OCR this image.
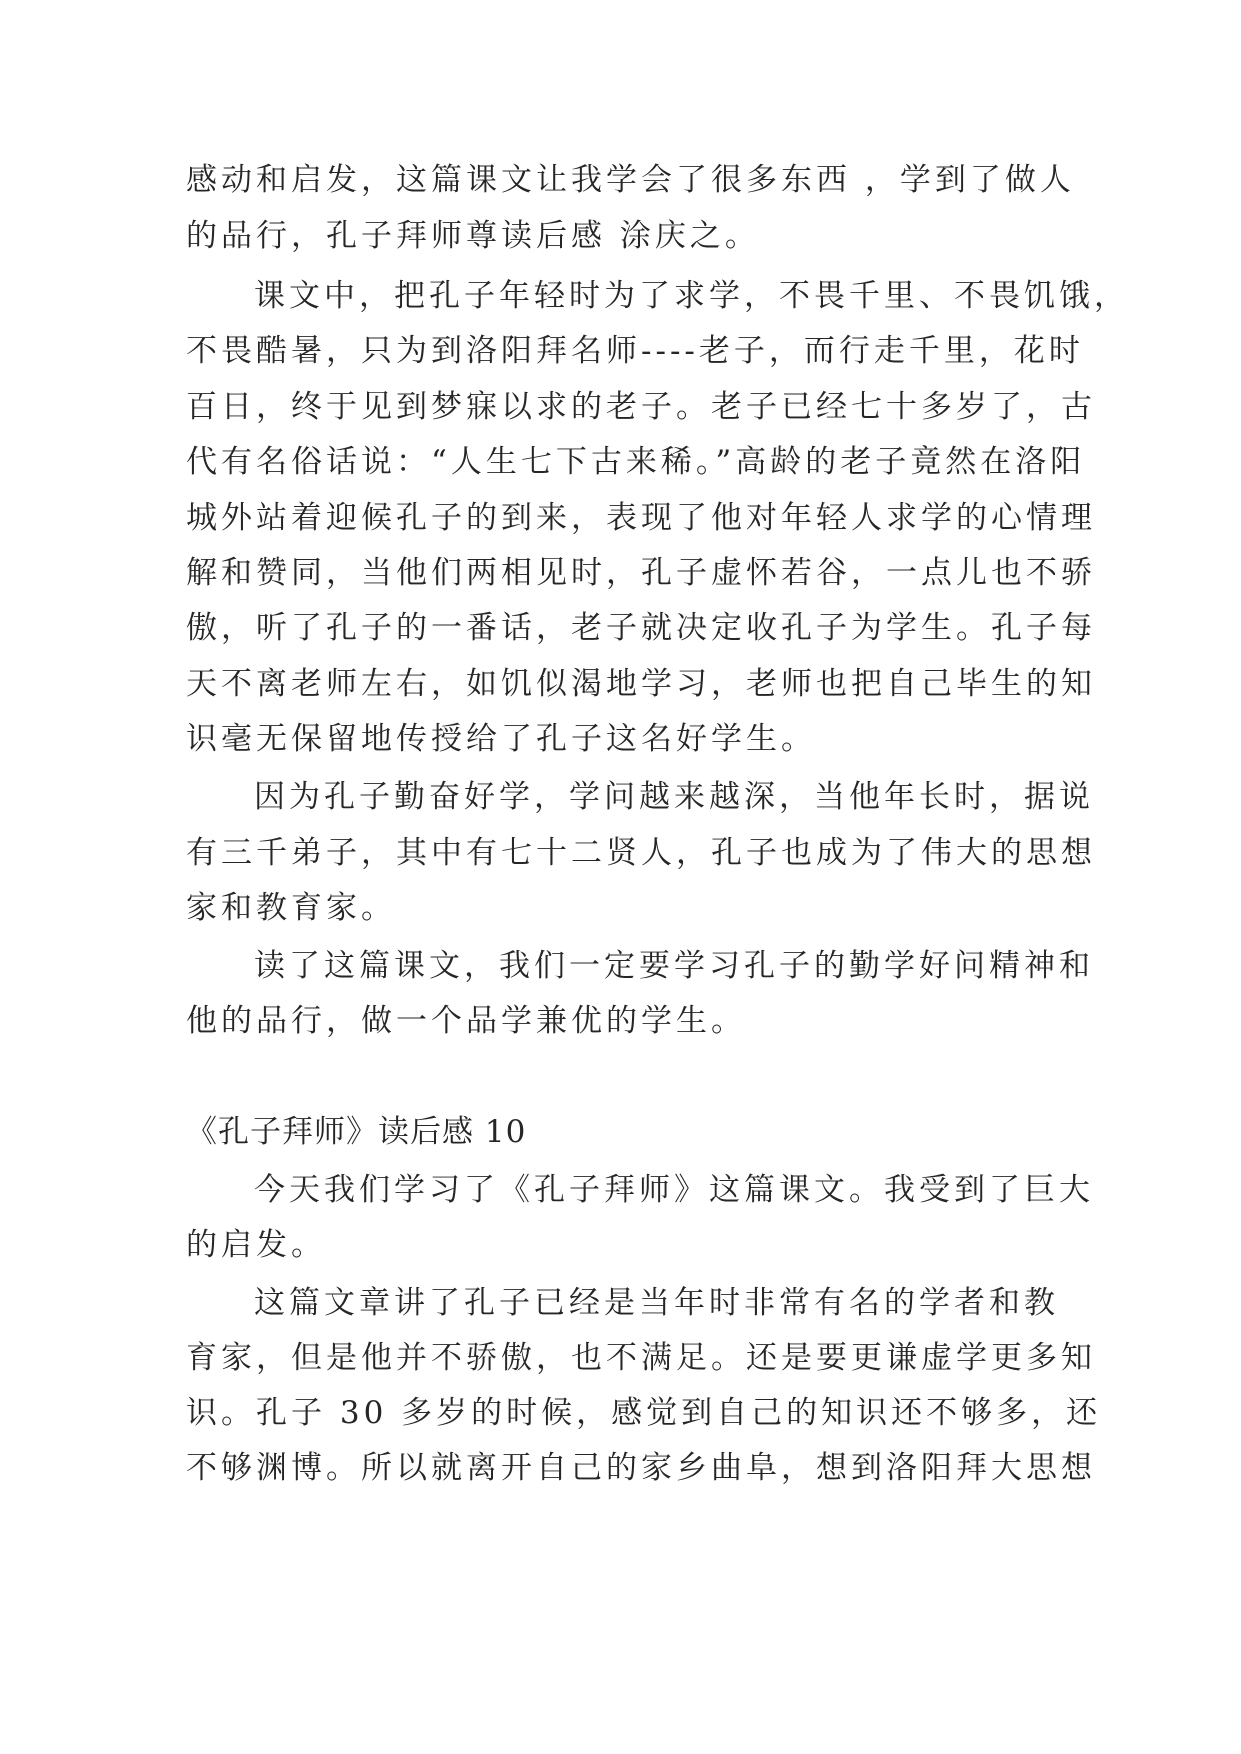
感动和启发，这篇课文让我学会了很多东西 ，学到了做人
的品行，孔子拜师尊读后感 涂庆之。
课文中，把孔子年轻时为了求学，不畏千里、不畏饥饿，
不畏酷暑，只为到洛阳拜名师----老子，而行走千里，花时
百日，终于见到梦寐以求的老子。老子已经七十多岁了，古
代有名俗话说：“人生七下古来稀。”高龄的老子竟然在洛阳
城外站着迎候孔子的到来，表现了他对年轻人求学的心情理
解和赞同，当他们两相见时，孔子虚怀若谷，一点儿也不骄
傲，听了孔子的一番话，老子就决定收孔子为学生。孔子每
天不离老师左右，如饥似渴地学习，老师也把自己毕生的知
识毫无保留地传授给了孔子这名好学生。
因为孔子勤奋好学，学问越来越深，当他年长时，据说
有三千弟子，其中有七十二贤人，孔子也成为了伟大的思想
家和教育家。
读了这篇课文，我们一定要学习孔子的勤学好问精神和
他的品行，做一个品学兼优的学生。
《孔子拜师》读后感 10
今天我们学习了《孔子拜师》这篇课文。我受到了巨大
的启发。
这篇文章讲了孔子已经是当年时非常有名的学者和教
育家，但是他并不骄傲，也不满足。还是要更谦虚学更多知
识。孔子 30 多岁的时候，感觉到自己的知识还不够多，还
不够渊博。所以就离开自己的家乡曲阜，想到洛阳拜大思想
